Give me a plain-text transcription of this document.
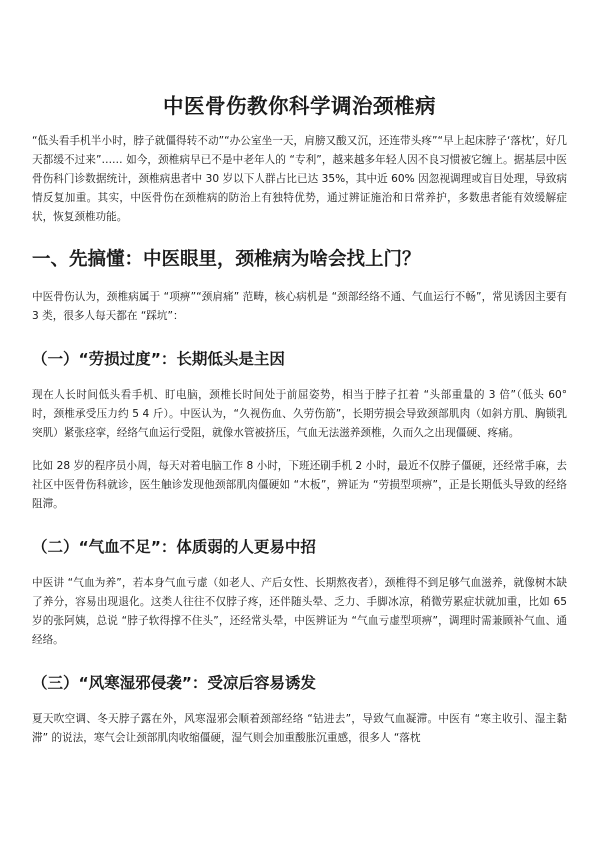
中医骨伤教你科学调治颈椎病

“低头看手机半小时，脖子就僵得转不动”“办公室坐一天，肩膀又酸又沉，还连带头疼”“早上起床脖子‘落枕’，好几天都缓不过来”…… 如今，颈椎病早已不是中老年人的 “专利”，越来越多年轻人因不良习惯被它缠上。据基层中医骨伤科门诊数据统计，颈椎病患者中 30 岁以下人群占比已达 35%，其中近 60% 因忽视调理或盲目处理，导致病情反复加重。其实，中医骨伤在颈椎病的防治上有独特优势，通过辨证施治和日常养护，多数患者能有效缓解症状，恢复颈椎功能。

一、先搞懂：中医眼里，颈椎病为啥会找上门？

中医骨伤认为，颈椎病属于 “项痹”“颈肩痛” 范畴，核心病机是 “颈部经络不通、气血运行不畅”，常见诱因主要有 3 类，很多人每天都在 “踩坑”：

（一）“劳损过度”：长期低头是主因

现在人长时间低头看手机、盯电脑，颈椎长时间处于前屈姿势，相当于脖子扛着 “头部重量的 3 倍”（低头 60° 时，颈椎承受压力约 5 4 斤）。中医认为，“久视伤血、久劳伤筋”，长期劳损会导致颈部肌肉（如斜方肌、胸锁乳突肌）紧张痉挛，经络气血运行受阻，就像水管被挤压，气血无法滋养颈椎，久而久之出现僵硬、疼痛。

比如 28 岁的程序员小周，每天对着电脑工作 8 小时，下班还刷手机 2 小时，最近不仅脖子僵硬，还经常手麻，去社区中医骨伤科就诊，医生触诊发现他颈部肌肉僵硬如 “木板”，辨证为 “劳损型项痹”，正是长期低头导致的经络阻滞。

（二）“气血不足”：体质弱的人更易中招

中医讲 “气血为养”，若本身气血亏虚（如老人、产后女性、长期熬夜者），颈椎得不到足够气血滋养，就像树木缺了养分，容易出现退化。这类人往往不仅脖子疼，还伴随头晕、乏力、手脚冰凉，稍微劳累症状就加重，比如 65 岁的张阿姨，总说 “脖子软得撑不住头”，还经常头晕，中医辨证为 “气血亏虚型项痹”，调理时需兼顾补气血、通经络。

（三）“风寒湿邪侵袭”：受凉后容易诱发

夏天吹空调、冬天脖子露在外，风寒湿邪会顺着颈部经络 “钻进去”，导致气血凝滞。中医有 “寒主收引、湿主黏滞” 的说法，寒气会让颈部肌肉收缩僵硬，湿气则会加重酸胀沉重感，很多人 “落枕
